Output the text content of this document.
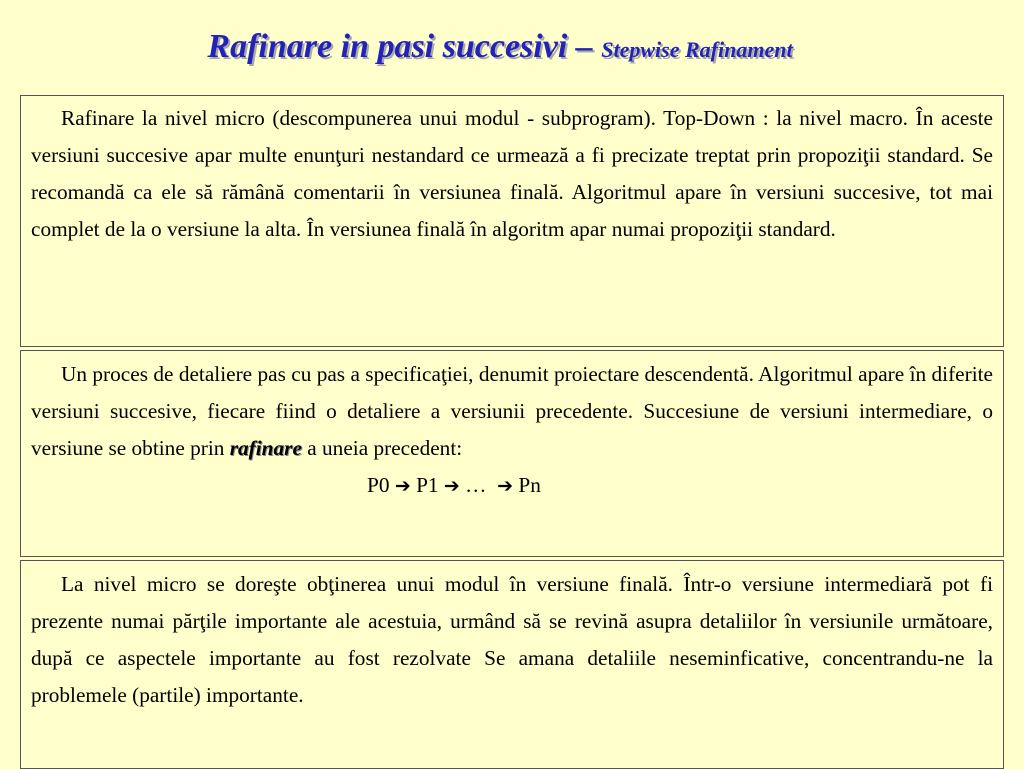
Rafinare in pasi succesivi – Stepwise Rafinament

Rafinare la nivel micro (descompunerea unui modul - subprogram). Top-Down : la nivel macro. În aceste versiuni succesive apar multe enunţuri nestandard ce urmează a fi precizate treptat prin propoziţii standard. Se recomandă ca ele să rămână comentarii în versiunea finală. Algoritmul apare în versiuni succesive, tot mai complet de la o versiune la alta. În versiunea finală în algoritm apar numai propoziţii standard.

Un proces de detaliere pas cu pas a specificaţiei, denumit proiectare descendentă. Algoritmul apare în diferite versiuni succesive, fiecare fiind o detaliere a versiunii precedente. Succesiune de versiuni intermediare, o versiune se obtine prin rafinare a uneia precedent:

P0 ➔ P1 ➔ …  ➔ Pn

La nivel micro se doreşte obţinerea unui modul în versiune finală. Într-o versiune intermediară pot fi prezente numai părţile importante ale acestuia, urmând să se revină asupra detaliilor în versiunile următoare, după ce aspectele importante au fost rezolvate Se amana detaliile neseminficative, concentrandu-ne la problemele (partile) importante.
